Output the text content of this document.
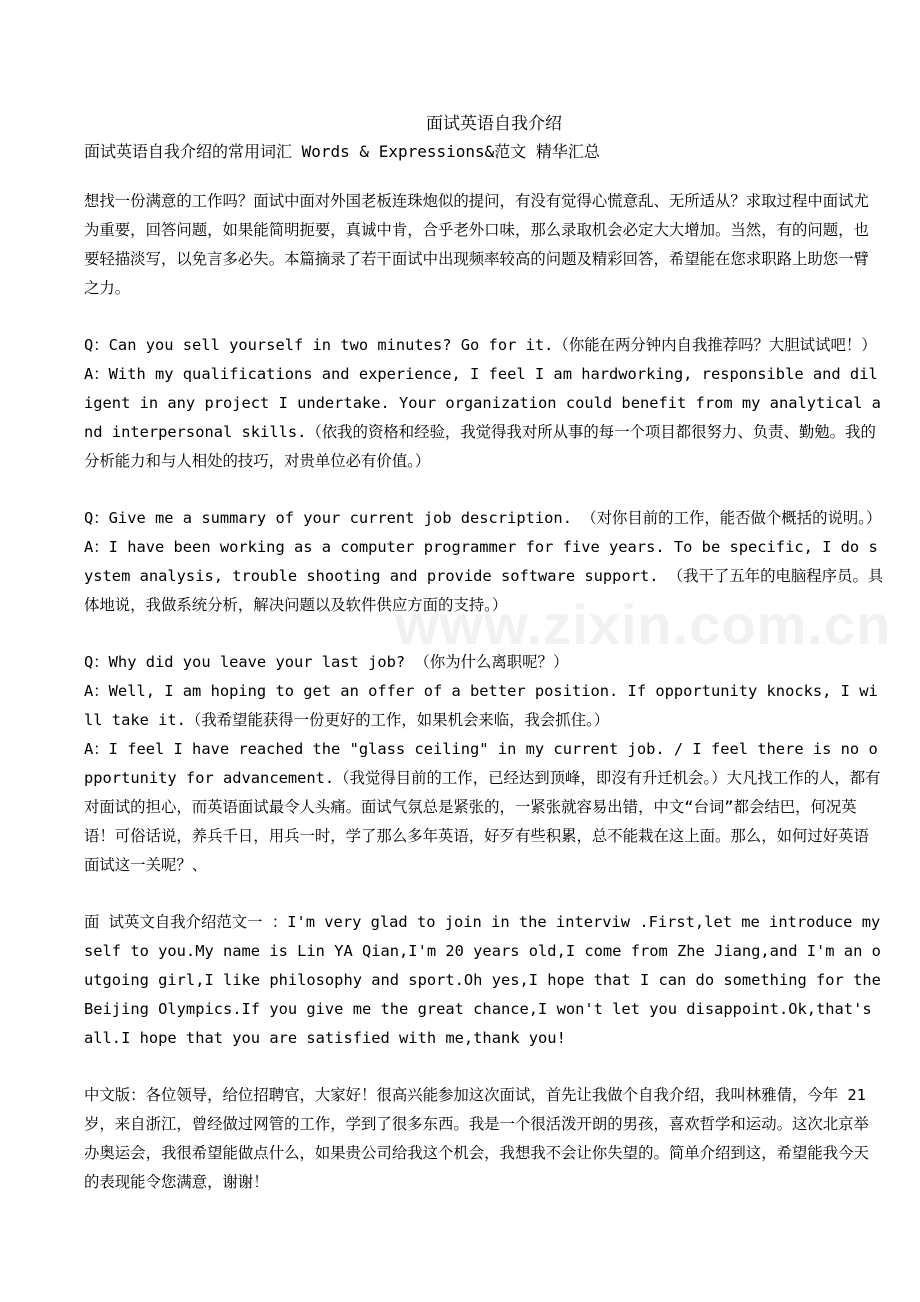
面试英语自我介绍

面试英语自我介绍的常用词汇 Words & Expressions&范文 精华汇总

想找一份满意的工作吗？面试中面对外国老板连珠炮似的提问，有没有觉得心慌意乱、无所适从？求取过程中面试尤为重要，回答问题，如果能简明扼要，真诚中肯，合乎老外口味，那么录取机会必定大大增加。当然，有的问题，也要轻描淡写，以免言多必失。本篇摘录了若干面试中出现频率较高的问题及精彩回答，希望能在您求职路上助您一臂之力。

Q：Can you sell yourself in two minutes? Go for it.（你能在两分钟内自我推荐吗？大胆试试吧！）

A：With my qualifications and experience, I feel I am hardworking, responsible and diligent in any project I undertake. Your organization could benefit from my analytical and interpersonal skills.（依我的资格和经验，我觉得我对所从事的每一个项目都很努力、负责、勤勉。我的分析能力和与人相处的技巧，对贵单位必有价值。）

Q：Give me a summary of your current job description. （对你目前的工作，能否做个概括的说明。）

A：I have been working as a computer programmer for five years. To be specific, I do system analysis, trouble shooting and provide software support. （我干了五年的电脑程序员。具体地说，我做系统分析，解决问题以及软件供应方面的支持。）

Q：Why did you leave your last job? （你为什么离职呢？）

A：Well, I am hoping to get an offer of a better position. If opportunity knocks, I will take it.（我希望能获得一份更好的工作，如果机会来临，我会抓住。）

A：I feel I have reached the "glass ceiling" in my current job. / I feel there is no opportunity for advancement.（我觉得目前的工作，已经达到顶峰，即沒有升迁机会。）大凡找工作的人，都有对面试的担心，而英语面试最令人头痛。面试气氛总是紧张的，一紧张就容易出错，中文“台词”都会结巴，何况英语！可俗话说，养兵千日，用兵一时，学了那么多年英语，好歹有些积累，总不能栽在这上面。那么，如何过好英语面试这一关呢？、

面 试英文自我介绍范文一 ：I'm very glad to join in the interviw .First,let me introduce myself to you.My name is Lin YA Qian,I'm 20 years old,I come from Zhe Jiang,and I'm an outgoing girl,I like philosophy and sport.Oh yes,I hope that I can do something for the Beijing Olympics.If you give me the great chance,I won't let you disappoint.Ok,that's all.I hope that you are satisfied with me,thank you!

中文版：各位领导，给位招聘官，大家好！很高兴能参加这次面试，首先让我做个自我介绍，我叫林雅倩，今年 21 岁，来自浙江，曾经做过网管的工作，学到了很多东西。我是一个很活泼开朗的男孩，喜欢哲学和运动。这次北京举办奥运会，我很希望能做点什么，如果贵公司给我这个机会，我想我不会让你失望的。简单介绍到这，希望能我今天的表现能令您满意，谢谢！

www.zixin.com.cn
